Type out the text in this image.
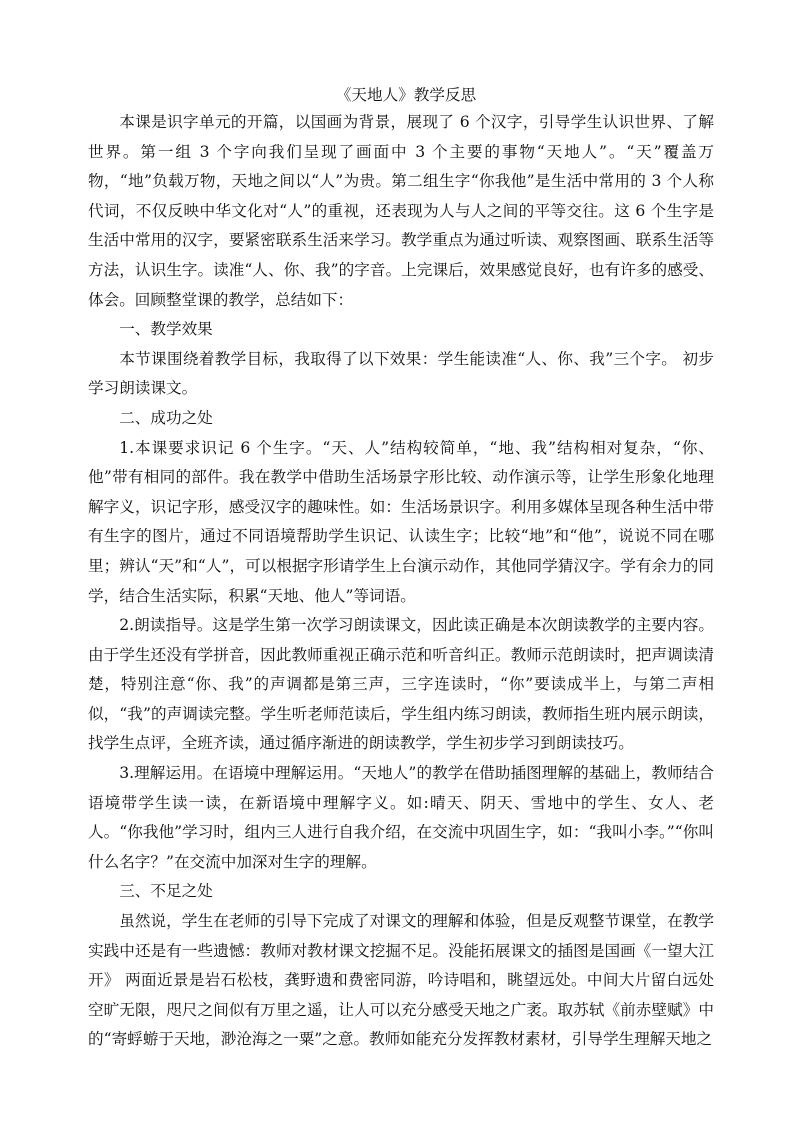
《天地人》教学反思

本课是识字单元的开篇，以国画为背景，展现了 6 个汉字，引导学生认识世界、了解世界。第一组 3 个字向我们呈现了画面中 3 个主要的事物“天地人”。“天”覆盖万物，“地”负载万物，天地之间以“人”为贵。第二组生字“你我他”是生活中常用的 3 个人称代词，不仅反映中华文化对“人”的重视，还表现为人与人之间的平等交往。这 6 个生字是生活中常用的汉字，要紧密联系生活来学习。教学重点为通过听读、观察图画、联系生活等方法，认识生字。读准“人、你、我”的字音。上完课后，效果感觉良好，也有许多的感受、体会。回顾整堂课的教学，总结如下：

一、教学效果

本节课围绕着教学目标，我取得了以下效果：学生能读准“人、你、我”三个字。 初步学习朗读课文。

二、成功之处

1.本课要求识记 6 个生字。“天、人”结构较简单，“地、我”结构相对复杂，“你、 他”带有相同的部件。我在教学中借助生活场景字形比较、动作演示等，让学生形象化地理解字义，识记字形，感受汉字的趣味性。如：生活场景识字。利用多媒体呈现各种生活中带有生字的图片，通过不同语境帮助学生识记、认读生字；比较“地”和“他”，说说不同在哪里；辨认“天”和“人”，可以根据字形请学生上台演示动作，其他同学猜汉字。学有余力的同学，结合生活实际，积累“天地、他人”等词语。

2.朗读指导。这是学生第一次学习朗读课文，因此读正确是本次朗读教学的主要内容。由于学生还没有学拼音，因此教师重视正确示范和听音纠正。教师示范朗读时，把声调读清楚，特别注意“你、我”的声调都是第三声，三字连读时，“你”要读成半上，与第二声相似，“我”的声调读完整。学生听老师范读后，学生组内练习朗读，教师指生班内展示朗读，找学生点评，全班齐读，通过循序渐进的朗读教学，学生初步学习到朗读技巧。

3.理解运用。在语境中理解运用。“天地人”的教学在借助插图理解的基础上，教师结合语境带学生读一读，在新语境中理解字义。如:晴天、阴天、雪地中的学生、女人、老人。“你我他”学习时，组内三人进行自我介绍，在交流中巩固生字，如：“我叫小李。”“你叫什么名字？”在交流中加深对生字的理解。

三、不足之处

虽然说，学生在老师的引导下完成了对课文的理解和体验，但是反观整节课堂，在教学实践中还是有一些遗憾：教师对教材课文挖掘不足。没能拓展课文的插图是国画《一望大江开》 两面近景是岩石松枝，龚野遗和费密同游，吟诗唱和，眺望远处。中间大片留白远处空旷无限，咫尺之间似有万里之遥，让人可以充分感受天地之广袤。取苏轼《前赤壁赋》中的“寄蜉蝣于天地，渺沧海之一粟”之意。教师如能充分发挥教材素材，引导学生理解天地之
